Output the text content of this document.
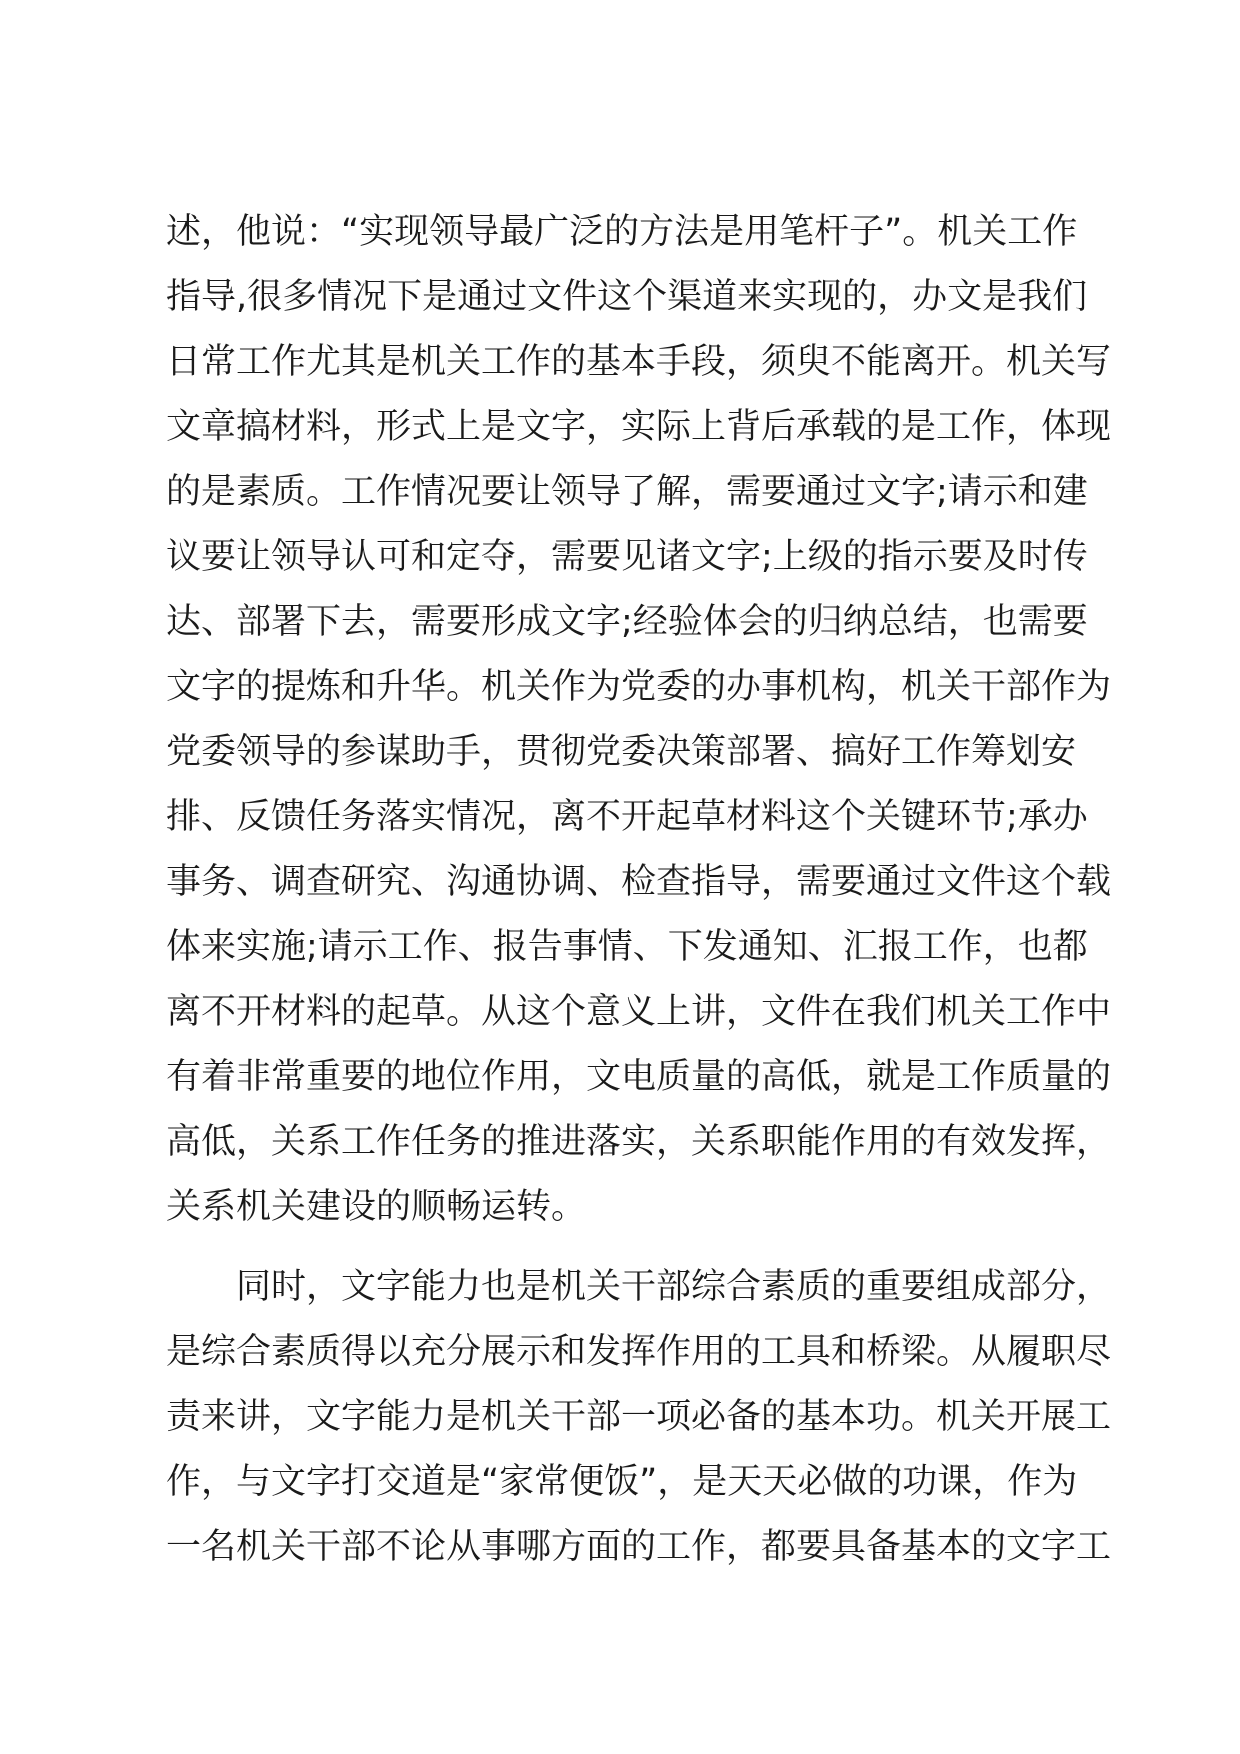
述，他说：“实现领导最广泛的方法是用笔杆子”。机关工作
指导,很多情况下是通过文件这个渠道来实现的，办文是我们
日常工作尤其是机关工作的基本手段，须臾不能离开。机关写
文章搞材料，形式上是文字，实际上背后承载的是工作，体现
的是素质。工作情况要让领导了解，需要通过文字;请示和建
议要让领导认可和定夺，需要见诸文字;上级的指示要及时传
达、部署下去，需要形成文字;经验体会的归纳总结，也需要
文字的提炼和升华。机关作为党委的办事机构，机关干部作为
党委领导的参谋助手，贯彻党委决策部署、搞好工作筹划安
排、反馈任务落实情况，离不开起草材料这个关键环节;承办
事务、调查研究、沟通协调、检查指导，需要通过文件这个载
体来实施;请示工作、报告事情、下发通知、汇报工作，也都
离不开材料的起草。从这个意义上讲，文件在我们机关工作中
有着非常重要的地位作用，文电质量的高低，就是工作质量的
高低，关系工作任务的推进落实，关系职能作用的有效发挥，
关系机关建设的顺畅运转。
同时，文字能力也是机关干部综合素质的重要组成部分，
是综合素质得以充分展示和发挥作用的工具和桥梁。从履职尽
责来讲，文字能力是机关干部一项必备的基本功。机关开展工
作，与文字打交道是“家常便饭”，是天天必做的功课，作为
一名机关干部不论从事哪方面的工作，都要具备基本的文字工
